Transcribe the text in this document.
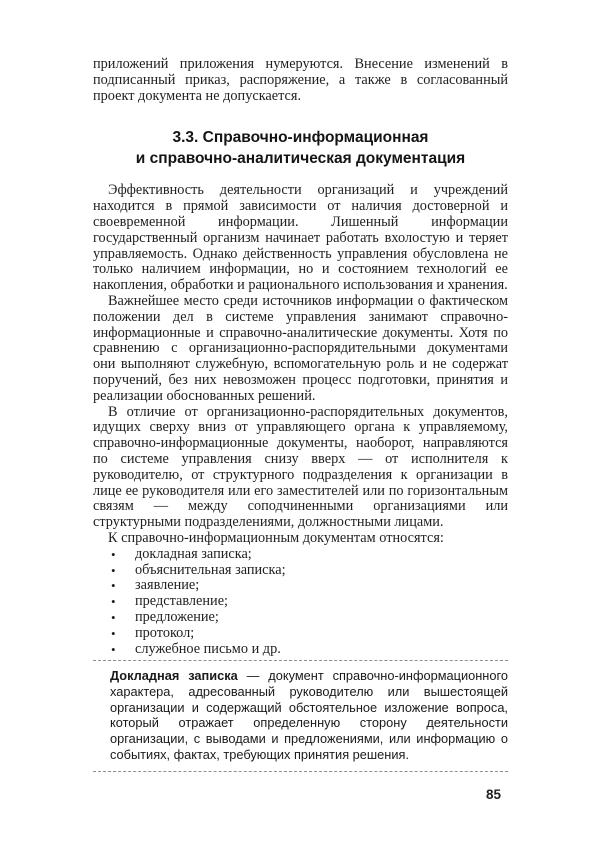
приложений приложения нумеруются. Внесение изменений в подписанный приказ, распоряжение, а также в согласованный проект документа не допускается.

3.3. Справочно-информационная
и справочно-аналитическая документация

Эффективность деятельности организаций и учреждений находится в прямой зависимости от наличия достоверной и своевременной информации. Лишенный информации государственный организм начинает работать вхолостую и теряет управляемость. Однако действенность управления обусловлена не только наличием информации, но и состоянием технологий ее накопления, обработки и рационального использования и хранения.

Важнейшее место среди источников информации о фактическом положении дел в системе управления занимают справочно-информационные и справочно-аналитические документы. Хотя по сравнению с организационно-распорядительными документами они выполняют служебную, вспомогательную роль и не содержат поручений, без них невозможен процесс подготовки, принятия и реализации обоснованных решений.

В отличие от организационно-распорядительных документов, идущих сверху вниз от управляющего органа к управляемому, справочно-информационные документы, наоборот, направляются по системе управления снизу вверх — от исполнителя к руководителю, от структурного подразделения к организации в лице ее руководителя или его заместителей или по горизонтальным связям — между соподчиненными организациями или структурными подразделениями, должностными лицами.

К справочно-информационным документам относятся:

• докладная записка;
• объяснительная записка;
• заявление;
• представление;
• предложение;
• протокол;
• служебное письмо и др.

Докладная записка — документ справочно-информационного характера, адресованный руководителю или вышестоящей организации и содержащий обстоятельное изложение вопроса, который отражает определенную сторону деятельности организации, с выводами и предложениями, или информацию о событиях, фактах, требующих принятия решения.

85
